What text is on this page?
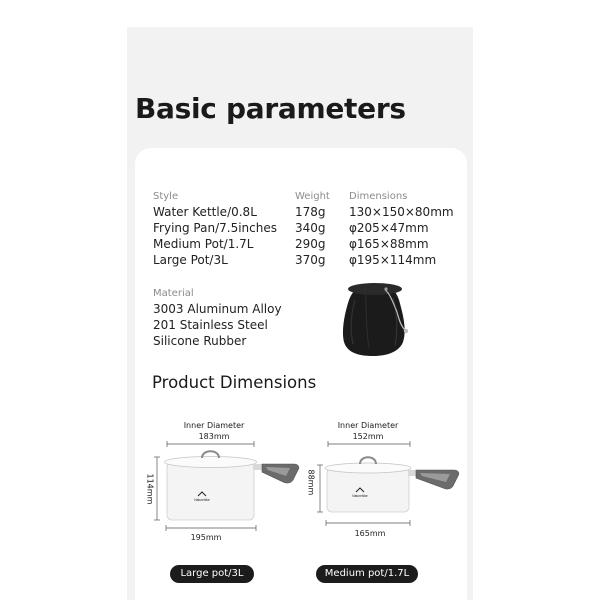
Basic parameters
Style	Weight Dimensions
Water Kettle/0.8L	178g 130×150×80mm
Frying Pan/7.5inches 340g φ205×47mm
Medium Pot/1.7L	290g φ165×88mm
Large Pot/3L	370g φ195×114mm
Material
3003 Aluminum Alloy
201 Stainless Steel
Silicone Rubber
Product Dimensions
Inner Diameter
183mm
114mm
195mm
Naturehike
Inner Diameter
152mm
88mm
165mm
Naturehike
Large pot/3L	Medium pot/1.7L
